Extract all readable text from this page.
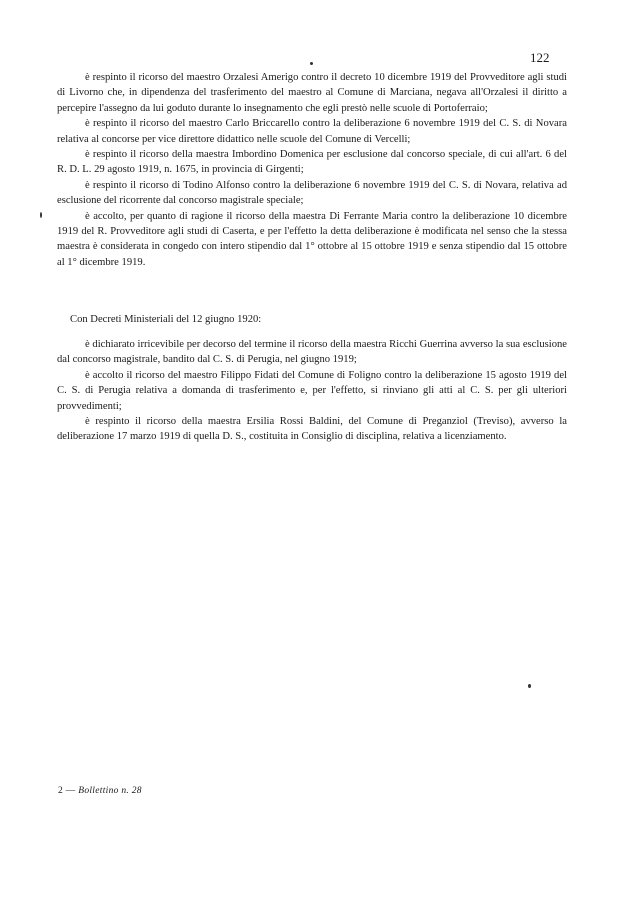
122

è respinto il ricorso del maestro Orzalesi Amerigo contro il decreto 10 dicembre 1919 del Provveditore agli studi di Livorno che, in dipendenza del trasferimento del maestro al Comune di Marciana, negava all'Orzalesi il diritto a percepire l'assegno da lui goduto durante lo insegnamento che egli prestò nelle scuole di Portoferraio;

è respinto il ricorso del maestro Carlo Briccarello contro la deliberazione 6 novembre 1919 del C. S. di Novara relativa al concorse per vice direttore didattico nelle scuole del Comune di Vercelli;

è respinto il ricorso della maestra Imbordino Domenica per esclusione dal concorso speciale, di cui all'art. 6 del R. D. L. 29 agosto 1919, n. 1675, in provincia di Girgenti;

è respinto il ricorso di Todino Alfonso contro la deliberazione 6 novembre 1919 del C. S. di Novara, relativa ad esclusione del ricorrente dal concorso magistrale speciale;

è accolto, per quanto di ragione il ricorso della maestra Di Ferrante Maria contro la deliberazione 10 dicembre 1919 del R. Provveditore agli studi di Caserta, e per l'effetto la detta deliberazione è modificata nel senso che la stessa maestra è considerata in congedo con intero stipendio dal 1° ottobre al 15 ottobre 1919 e senza stipendio dal 15 ottobre al 1° dicembre 1919.

Con Decreti Ministeriali del 12 giugno 1920:

è dichiarato irricevibile per decorso del termine il ricorso della maestra Ricchi Guerrina avverso la sua esclusione dal concorso magistrale, bandito dal C. S. di Perugia, nel giugno 1919;

è accolto il ricorso del maestro Filippo Fidati del Comune di Foligno contro la deliberazione 15 agosto 1919 del C. S. di Perugia relativa a domanda di trasferimento e, per l'effetto, si rinviano gli atti al C. S. per gli ulteriori provvedimenti;

è respinto il ricorso della maestra Ersilia Rossi Baldini, del Comune di Preganziol (Treviso), avverso la deliberazione 17 marzo 1919 di quella D. S., costituita in Consiglio di disciplina, relativa a licenziamento.

2 — Bollettino n. 28
